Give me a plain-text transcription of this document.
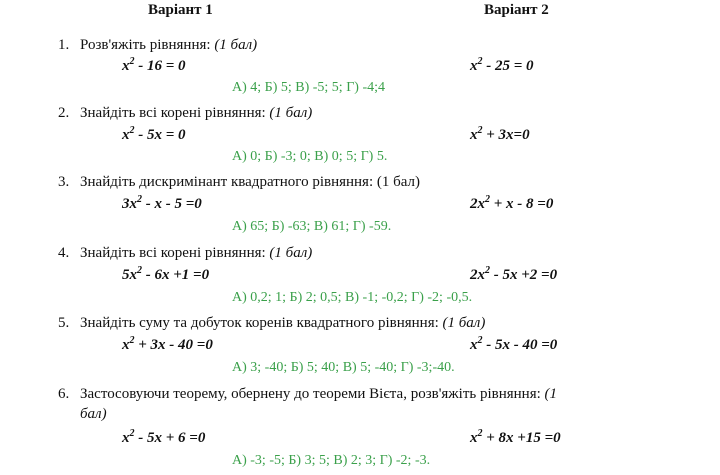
Варіант 1	Варіант 2
1. Розв'яжіть рівняння: (1 бал)
$x^2 - 16 = 0$	$x^2 - 25 = 0$
А) 4; Б) 5; В) -5; 5; Г) -4;4
2. Знайдіть всі корені рівняння: (1 бал)
$x^2 - 5x = 0$	$x^2 + 3x=0$
А) 0; Б) -3; 0; В) 0; 5; Г) 5.
3. Знайдіть дискримінант квадратного рівняння: (1 бал)
$3x^2 - x - 5 =0$	$2x^2 + x - 8 =0$
А) 65; Б) -63; В) 61; Г) -59.
4. Знайдіть всі корені рівняння: (1 бал)
$5x^2 - 6x +1 =0$	$2x^2 - 5x +2 =0$
А) 0,2; 1; Б) 2; 0,5; В) -1; -0,2; Г) -2; -0,5.
5. Знайдіть суму та добуток коренів квадратного рівняння: (1 бал)
$x^2 + 3x - 40 =0$	$x^2 - 5x - 40 =0$
А) 3; -40; Б) 5; 40; В) 5; -40; Г) -3;-40.
6. Застосовуючи теорему, обернену до теореми Вієта, розв'яжіть рівняння: (1
бал)
$x^2 - 5x + 6 =0$	$x^2 + 8x +15 =0$
А) -3; -5; Б) 3; 5; В) 2; 3; Г) -2; -3.
